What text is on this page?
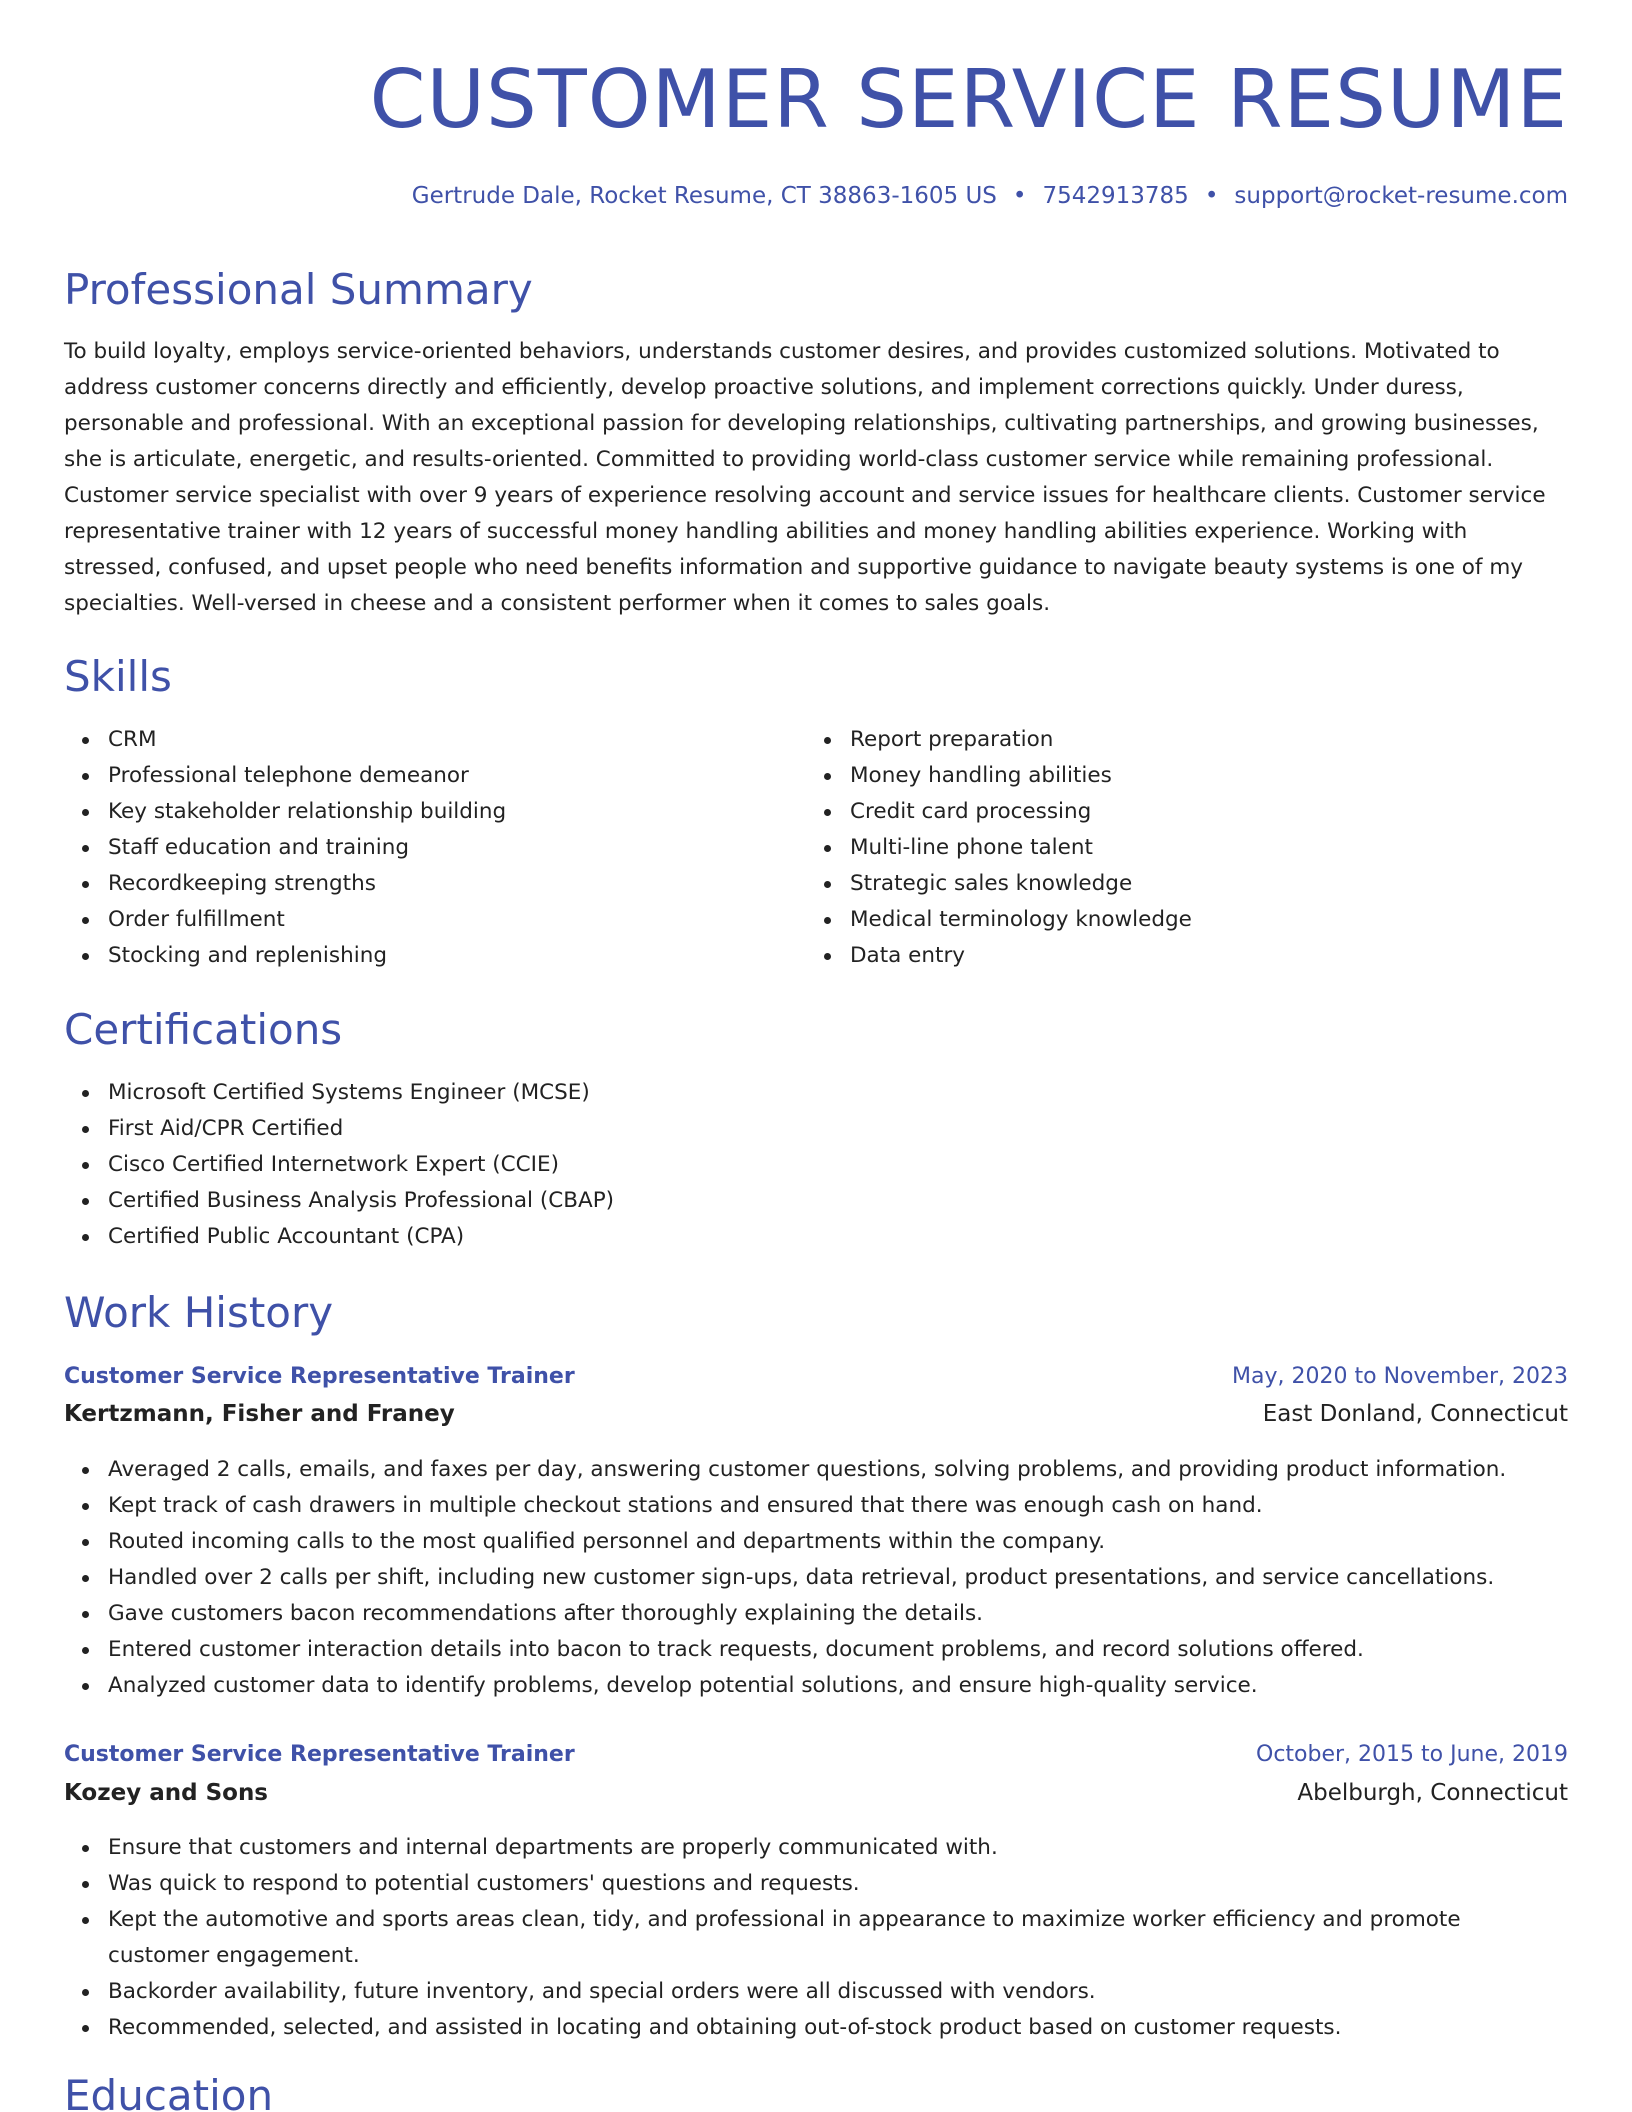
CUSTOMER SERVICE RESUME
Gertrude Dale, Rocket Resume, CT 38863-1605 US • 7542913785 • support@rocket-resume.com
Professional Summary

To build loyalty, employs service-oriented behaviors, understands customer desires, and provides customized solutions. Motivated to address customer concerns directly and efficiently, develop proactive solutions, and implement corrections quickly. Under duress, personable and professional. With an exceptional passion for developing relationships, cultivating partnerships, and growing businesses, she is articulate, energetic, and results-oriented. Committed to providing world-class customer service while remaining professional. Customer service specialist with over 9 years of experience resolving account and service issues for healthcare clients. Customer service representative trainer with 12 years of successful money handling abilities and money handling abilities experience. Working with stressed, confused, and upset people who need benefits information and supportive guidance to navigate beauty systems is one of my specialties. Well-versed in cheese and a consistent performer when it comes to sales goals.

Skills
CRM
Professional telephone demeanor
Key stakeholder relationship building
Staff education and training
Recordkeeping strengths
Order fulfillment
Stocking and replenishing
Report preparation
Money handling abilities
Credit card processing
Multi-line phone talent
Strategic sales knowledge
Medical terminology knowledge
Data entry
Certifications
Microsoft Certified Systems Engineer (MCSE)
First Aid/CPR Certified
Cisco Certified Internetwork Expert (CCIE)
Certified Business Analysis Professional (CBAP)
Certified Public Accountant (CPA)
Work History
Customer Service Representative Trainer	May, 2020 to November, 2023
Kertzmann, Fisher and Franey	East Donland, Connecticut
Averaged 2 calls, emails, and faxes per day, answering customer questions, solving problems, and providing product information.
Kept track of cash drawers in multiple checkout stations and ensured that there was enough cash on hand.
Routed incoming calls to the most qualified personnel and departments within the company.
Handled over 2 calls per shift, including new customer sign-ups, data retrieval, product presentations, and service cancellations.
Gave customers bacon recommendations after thoroughly explaining the details.
Entered customer interaction details into bacon to track requests, document problems, and record solutions offered.
Analyzed customer data to identify problems, develop potential solutions, and ensure high-quality service.
Customer Service Representative Trainer	October, 2015 to June, 2019
Kozey and Sons	Abelburgh, Connecticut
Ensure that customers and internal departments are properly communicated with.
Was quick to respond to potential customers' questions and requests.
Kept the automotive and sports areas clean, tidy, and professional in appearance to maximize worker efficiency and promote customer engagement.
Backorder availability, future inventory, and special orders were all discussed with vendors.
Recommended, selected, and assisted in locating and obtaining out-of-stock product based on customer requests.
Education
